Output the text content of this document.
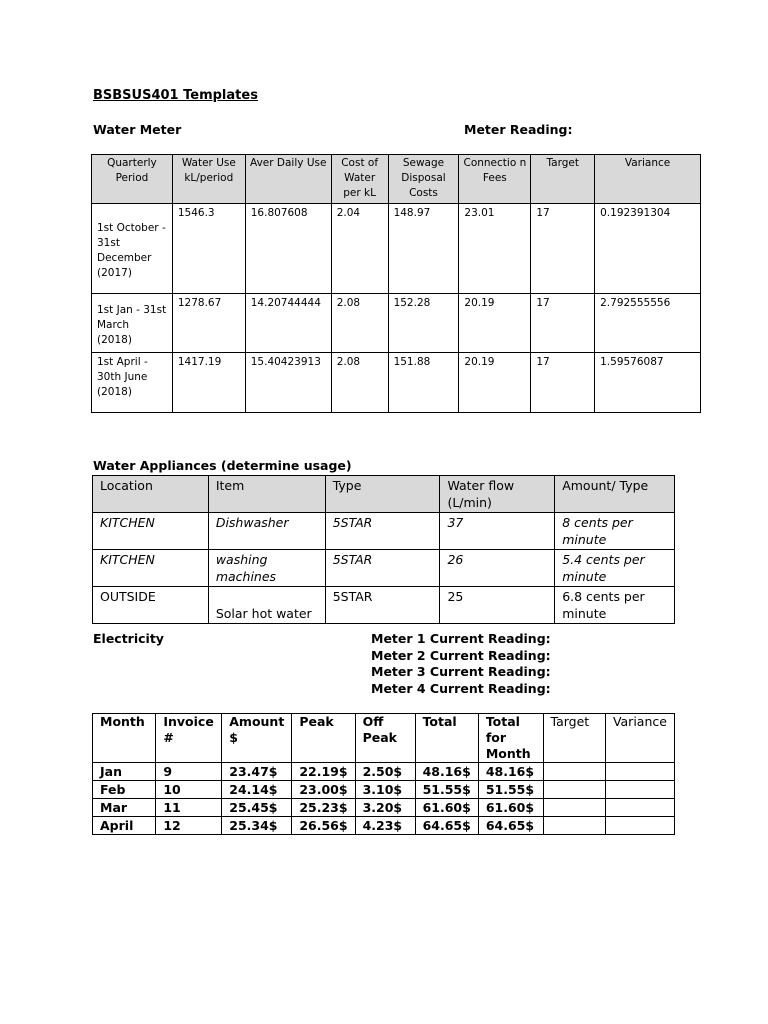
BSBSUS401 Templates
Water Meter	Meter Reading:
Quarterly Period	Water Use kL/period	Aver Daily Use	Cost of Water per kL	Sewage Disposal Costs	Connectio n Fees	Target	Variance
1st October - 31st December (2017)	1546.3	16.807608	2.04	148.97	23.01	17	0.192391304
1st Jan - 31st March (2018)	1278.67	14.20744444	2.08	152.28	20.19	17	2.792555556
1st April - 30th June (2018)	1417.19	15.40423913	2.08	151.88	20.19	17	1.59576087
Water Appliances (determine usage)
Location	Item	Type	Water flow (L/min)	Amount/ Type
KITCHEN	Dishwasher	5STAR	37	8 cents per minute
KITCHEN	washing machines	5STAR	26	5.4 cents per minute
OUTSIDE	Solar hot water	5STAR	25	6.8 cents per minute
Electricity	Meter 1 Current Reading:
Meter 2 Current Reading:
Meter 3 Current Reading:
Meter 4 Current Reading:
Month	Invoice #	Amount $	Peak	Off Peak	Total	Total for Month	Target	Variance
Jan	9	23.47$	22.19$	2.50$	48.16$	48.16$		
Feb	10	24.14$	23.00$	3.10$	51.55$	51.55$		
Mar	11	25.45$	25.23$	3.20$	61.60$	61.60$		
April	12	25.34$	26.56$	4.23$	64.65$	64.65$		
